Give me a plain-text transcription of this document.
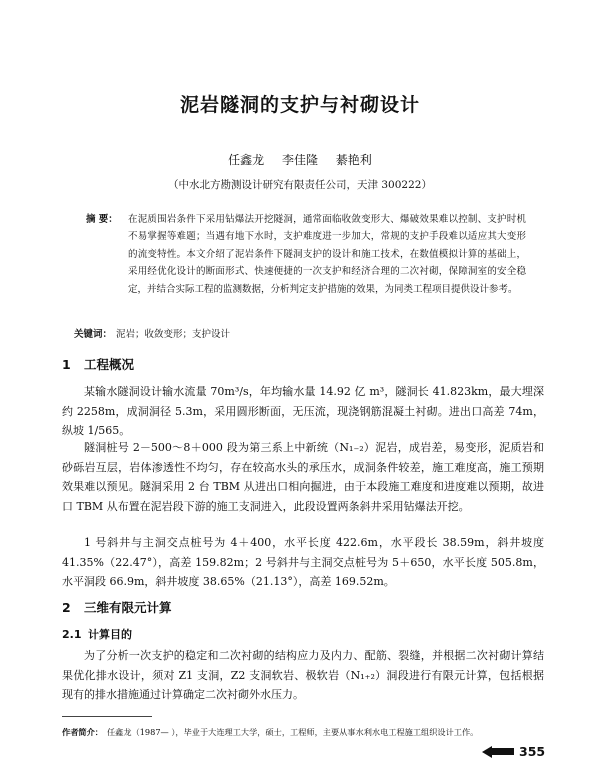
泥岩隧洞的支护与衬砌设计
任鑫龙 李佳隆 綦艳利
（中水北方勘测设计研究有限责任公司，天津 300222）
摘 要： 在泥质围岩条件下采用钻爆法开挖隧洞，通常面临收敛变形大、爆破效果难以控制、支护时机不易掌握等难题；当遇有地下水时，支护难度进一步加大，常规的支护手段难以适应其大变形的流变特性。本文介绍了泥岩条件下隧洞支护的设计和施工技术，在数值模拟计算的基础上，采用经优化设计的断面形式、快速便捷的一次支护和经济合理的二次衬砌，保障洞室的安全稳定，并结合实际工程的监测数据，分析判定支护措施的效果，为同类工程项目提供设计参考。
关键词： 泥岩；收敛变形；支护设计
1 工程概况
某输水隧洞设计输水流量 70m³/s，年均输水量 14.92 亿 m³，隧洞长 41.823km，最大埋深约 2258m，成洞洞径 5.3m，采用圆形断面，无压流，现浇钢筋混凝土衬砌。进出口高差 74m，纵坡 1/565。
隧洞桩号 2－500～8＋000 段为第三系上中新统（N₁₋₂）泥岩，成岩差，易变形，泥质岩和砂砾岩互层，岩体渗透性不均匀，存在较高水头的承压水，成洞条件较差，施工难度高，施工预期效果难以预见。隧洞采用 2 台 TBM 从进出口相向掘进，由于本段施工难度和进度难以预期，故进口 TBM 从布置在泥岩段下游的施工支洞进入，此段设置两条斜井采用钻爆法开挖。
1 号斜井与主洞交点桩号为 4＋400，水平长度 422.6m，水平段长 38.59m，斜井坡度 41.35%（22.47°），高差 159.82m；2 号斜井与主洞交点桩号为 5＋650，水平长度 505.8m，水平洞段 66.9m，斜井坡度 38.65%（21.13°），高差 169.52m。
2 三维有限元计算
2.1 计算目的
为了分析一次支护的稳定和二次衬砌的结构应力及内力、配筋、裂缝，并根据二次衬砌计算结果优化排水设计，须对 Z1 支洞，Z2 支洞软岩、极软岩（N₁₊₂）洞段进行有限元计算，包括根据现有的排水措施通过计算确定二次衬砌外水压力。
作者简介： 任鑫龙（1987— ），毕业于大连理工大学，硕士，工程师，主要从事水利水电工程施工组织设计工作。
355
